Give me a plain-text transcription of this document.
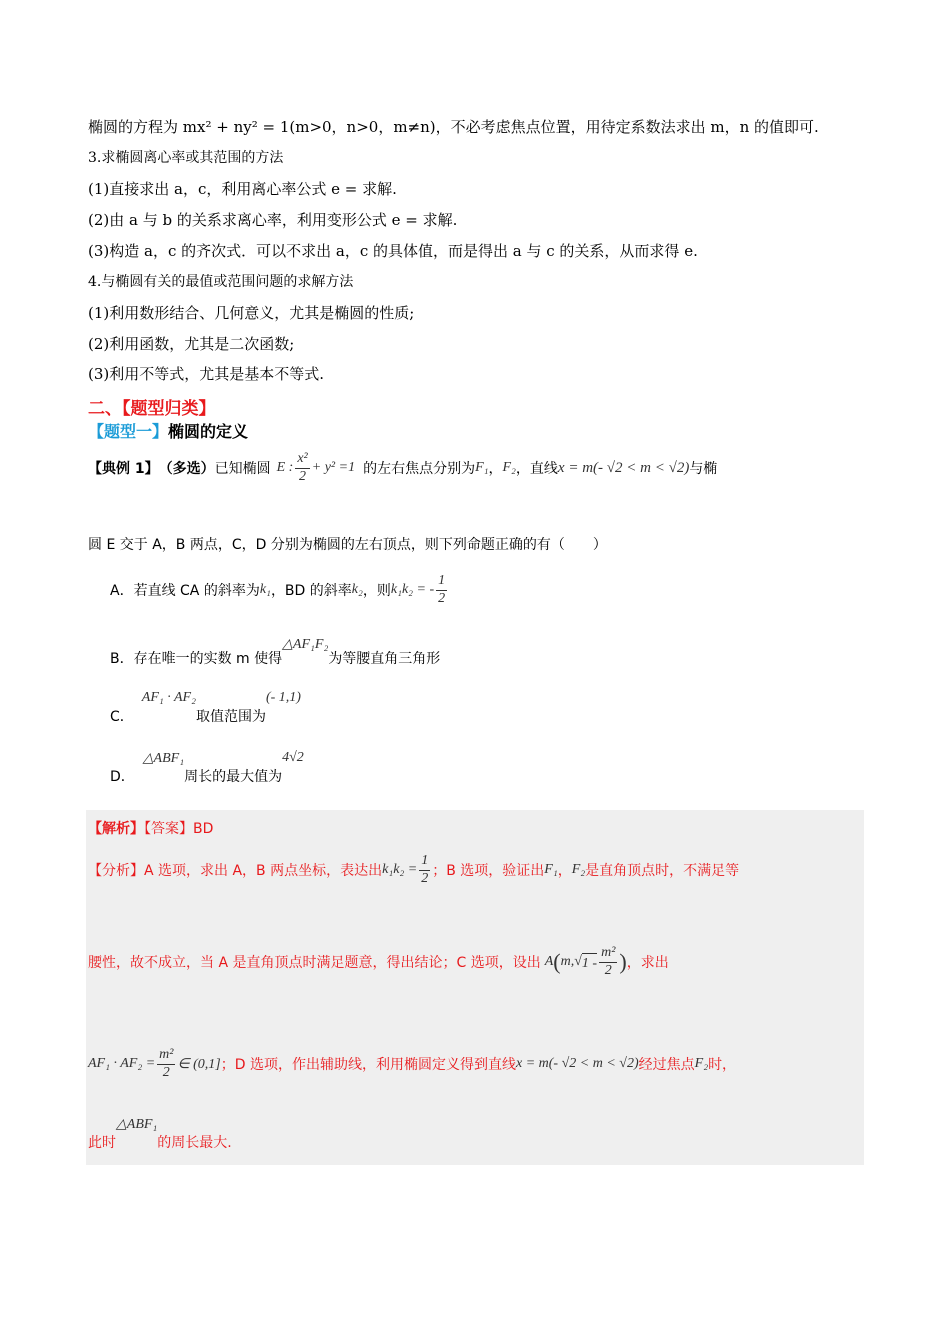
椭圆的方程为 mx² + ny² = 1(m>0，n>0，m≠n)，不必考虑焦点位置，用待定系数法求出 m，n 的值即可.
3.求椭圆离心率或其范围的方法
(1)直接求出 a，c，利用离心率公式 e = 求解.
(2)由 a 与 b 的关系求离心率，利用变形公式 e = 求解.
(3)构造 a，c 的齐次式．可以不求出 a，c 的具体值，而是得出 a 与 c 的关系，从而求得 e.
4.与椭圆有关的最值或范围问题的求解方法
(1)利用数形结合、几何意义，尤其是椭圆的性质;
(2)利用函数，尤其是二次函数;
(3)利用不等式，尤其是基本不等式.
二、【题型归类】
【题型一】椭圆的定义
【典例 1】 （多选） 已知椭圆 E : $\frac{\text{x²}}{2} + y^2 =1$ 的左右焦点分别为 F₁ ， F₂ ，直线 x = m(- √2 < m < √2) 与椭
圆 E 交于 A，B 两点，C，D 分别为椭圆的左右顶点，则下列命题正确的有（　　）
A． 若直线 CA 的斜率为 k₁ ，BD 的斜率 k₂ ，则 k₁k₂ = - $\frac{1}{2}$
B． 存在唯一的实数 m 使得
△AF₁F₂
为等腰直角三角形
C．
AF₁ · AF₂
取值范围为
(- 1,1)
D．
△ABF₁
周长的最大值为
4√2
【解析】【答案】BD
【分析】 A 选项，求出 A，B 两点坐标，表达出 $k_1k_2 = \frac{1}{2}$ ；B 选项，验证出 F₁ ， F₂ 是直角顶点时，不满足等
腰性，故不成立，当 A 是直角顶点时满足题意，得出结论；C 选项，设出 A ( m, √ $1 - \frac{\text{m²}}{2}$ ) ，求出
$AF_1 \cdot AF_2 = \frac{\text{m²}}{2}$ ∈ (0,1] ；D 选项，作出辅助线，利用椭圆定义得到直线 x = m(- √2 < m < √2) 经过焦点 F₂ 时，
此时
△ABF₁
的周长最大.
